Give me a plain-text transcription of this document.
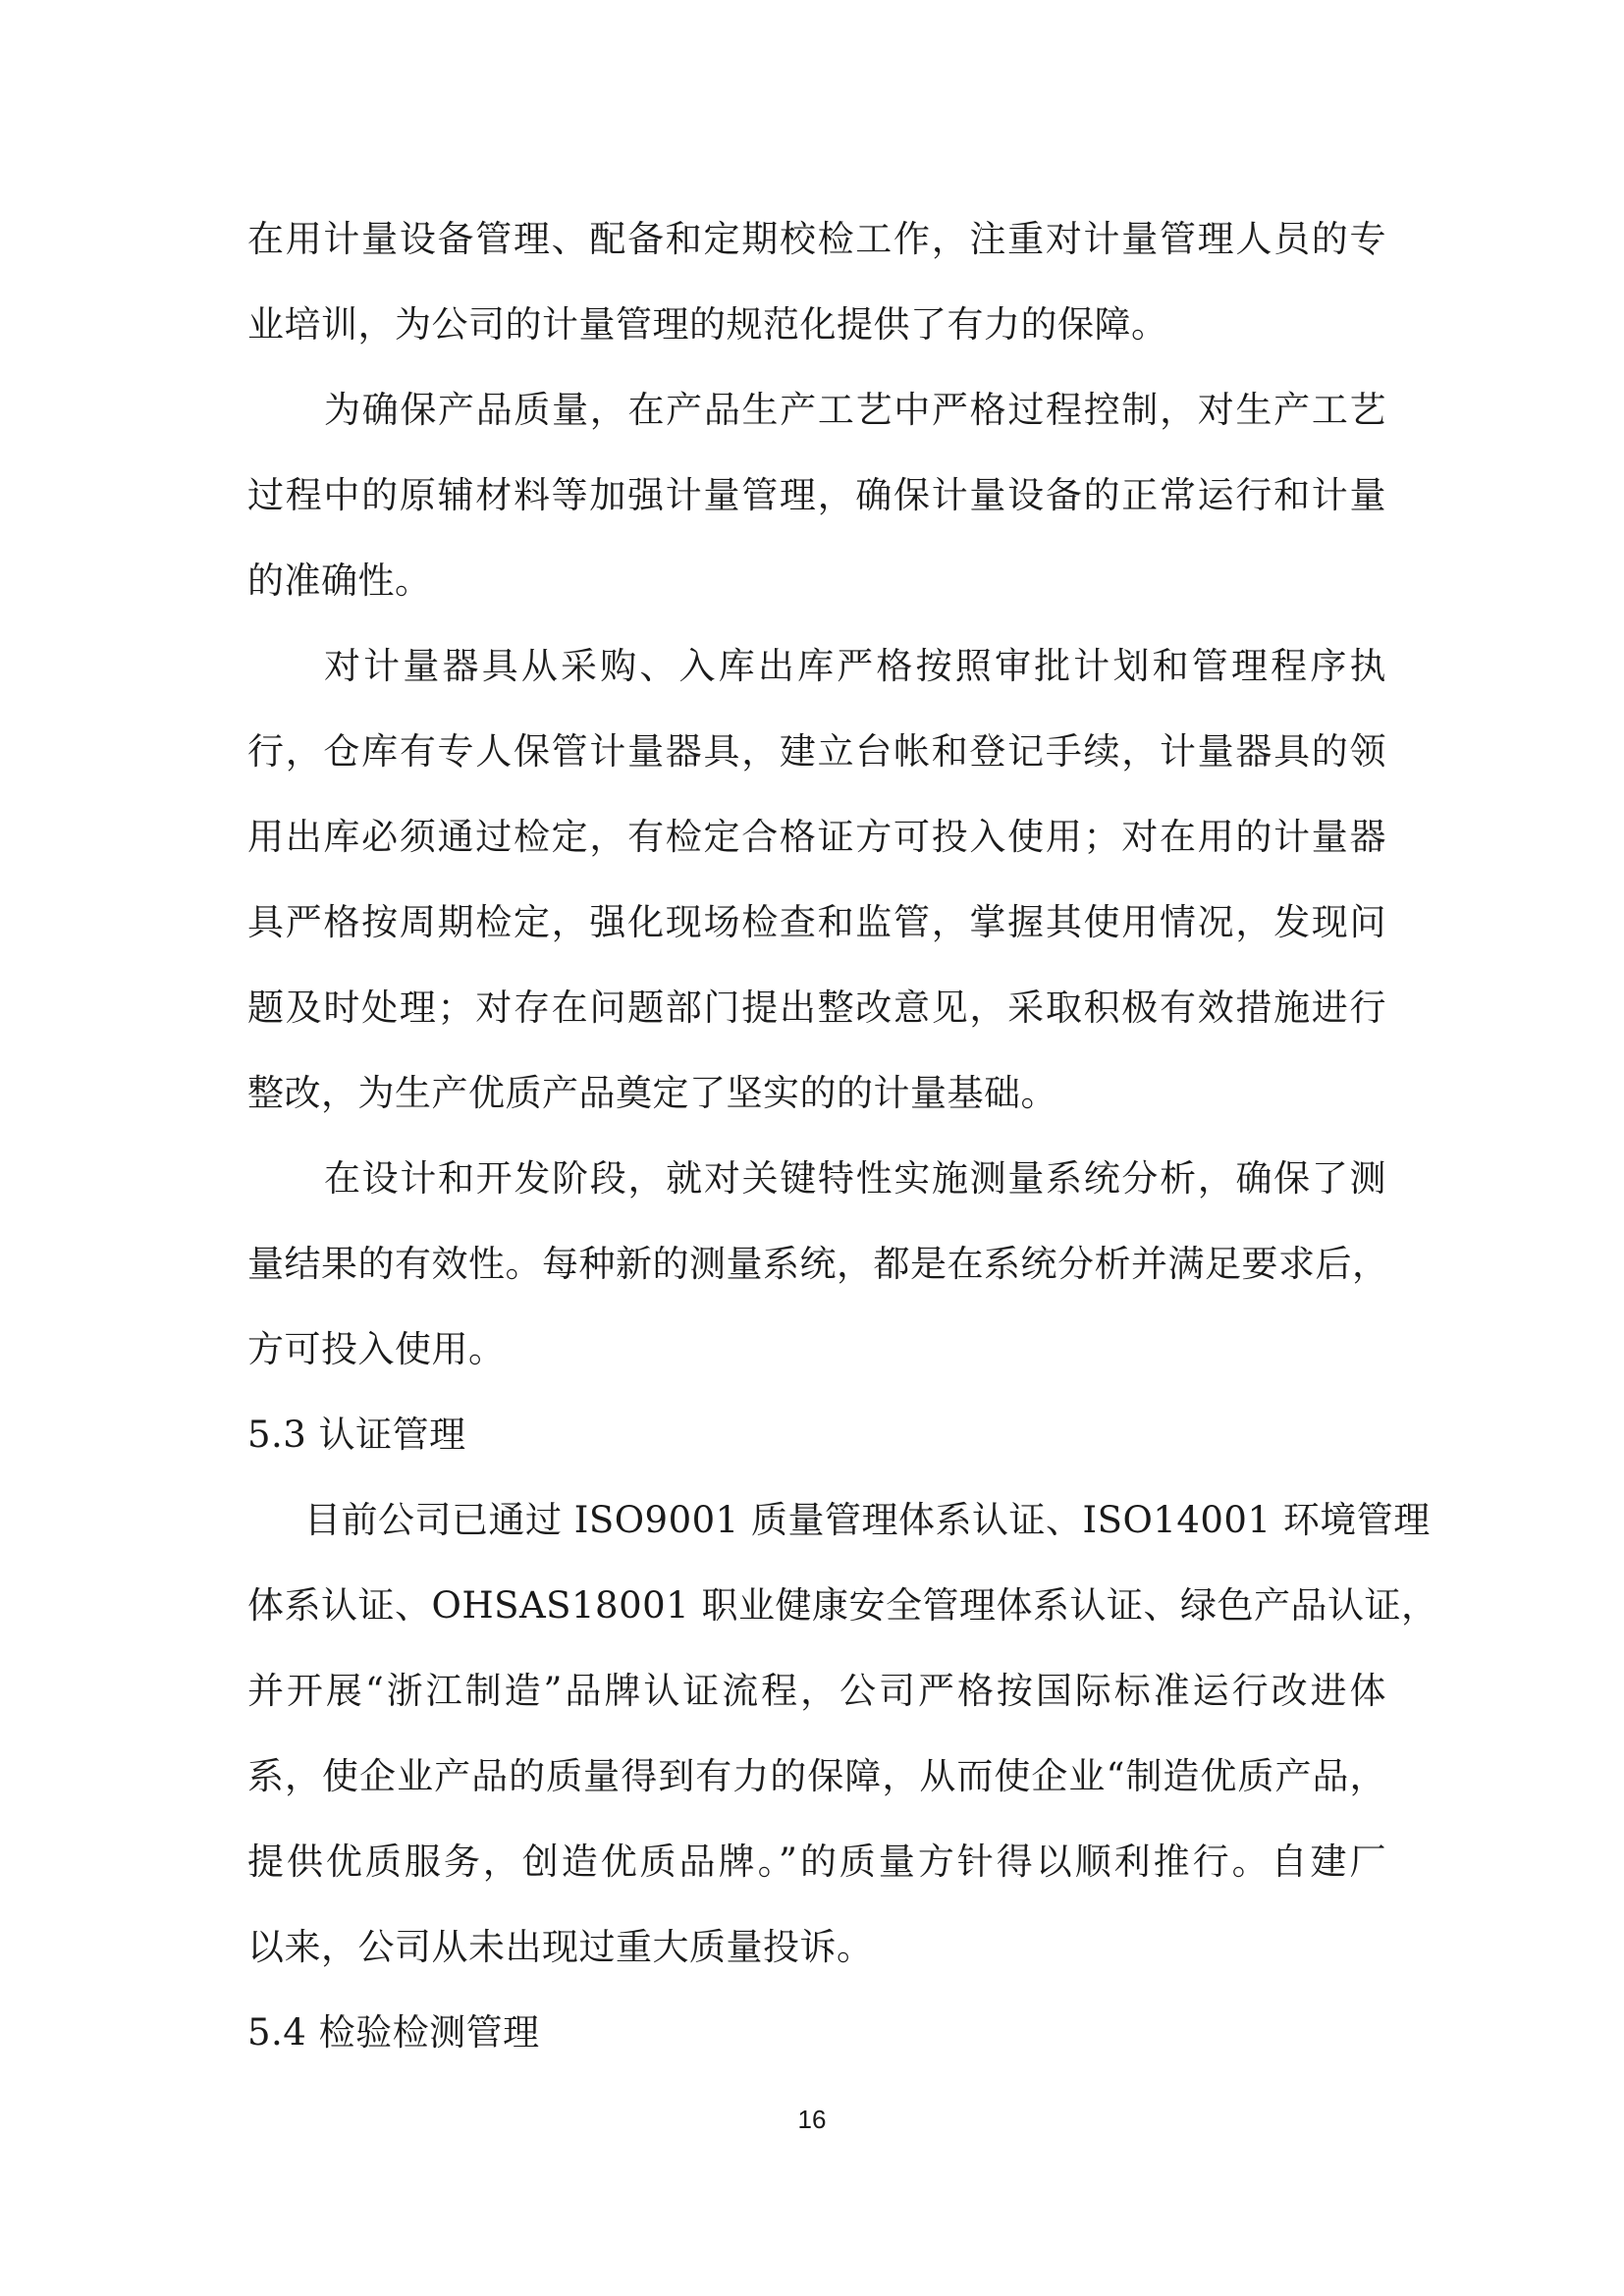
在用计量设备管理、配备和定期校检工作，注重对计量管理人员的专
业培训，为公司的计量管理的规范化提供了有力的保障。
为确保产品质量，在产品生产工艺中严格过程控制，对生产工艺
过程中的原辅材料等加强计量管理，确保计量设备的正常运行和计量
的准确性。
对计量器具从采购、入库出库严格按照审批计划和管理程序执
行，仓库有专人保管计量器具，建立台帐和登记手续，计量器具的领
用出库必须通过检定，有检定合格证方可投入使用；对在用的计量器
具严格按周期检定，强化现场检查和监管，掌握其使用情况，发现问
题及时处理；对存在问题部门提出整改意见，采取积极有效措施进行
整改，为生产优质产品奠定了坚实的的计量基础。
在设计和开发阶段，就对关键特性实施测量系统分析，确保了测
量结果的有效性。每种新的测量系统，都是在系统分析并满足要求后，
方可投入使用。
5.3 认证管理
目前公司已通过 ISO9001 质量管理体系认证、ISO14001 环境管理
体系认证、OHSAS18001 职业健康安全管理体系认证、绿色产品认证，
并开展“浙江制造”品牌认证流程，公司严格按国际标准运行改进体
系，使企业产品的质量得到有力的保障，从而使企业“制造优质产品，
提供优质服务，创造优质品牌。”的质量方针得以顺利推行。自建厂
以来，公司从未出现过重大质量投诉。
5.4 检验检测管理
16
